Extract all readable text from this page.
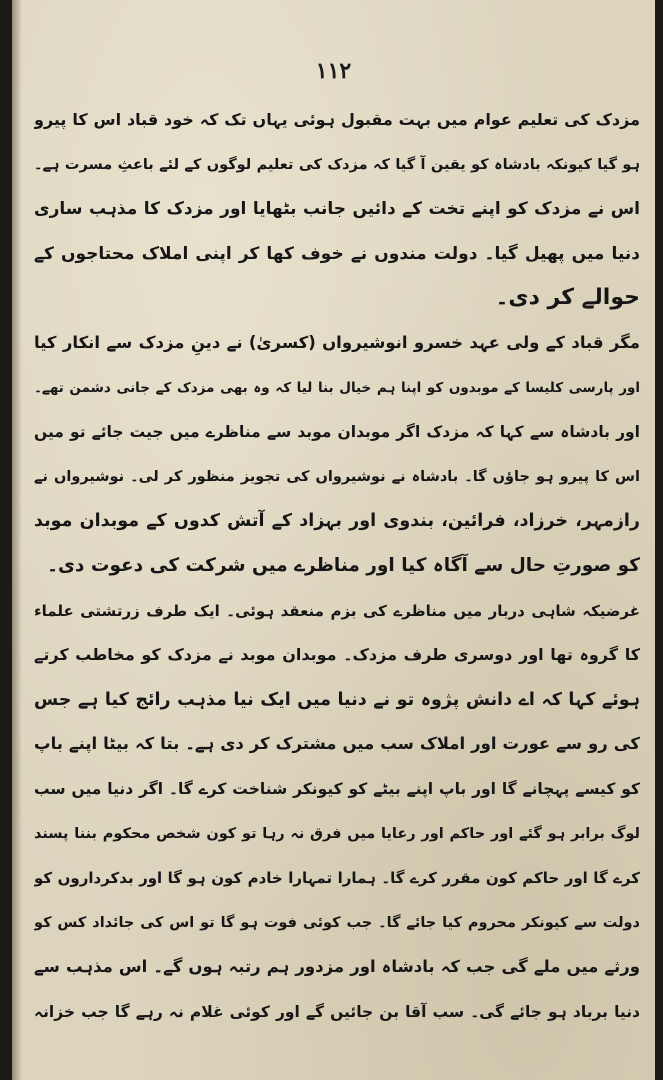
۱۱۲
مزدک کی تعلیم عوام میں بہت مقبول ہوئی یہاں تک کہ خود قباد اس کا پیرو
ہو گیا کیونکہ بادشاہ کو یقین آ گیا کہ مزدک کی تعلیم لوگوں کے لئے باعثِ مسرت ہے۔
اس نے مزدک کو اپنے تخت کے دائیں جانب بٹھایا اور مزدک کا مذہب ساری
دنیا میں پھیل گیا۔ دولت مندوں نے خوف کھا کر اپنی املاک محتاجوں کے
حوالے کر دی۔
مگر قباد کے ولی عہد خسرو انوشیرواں (کسریٰ) نے دینِ مزدک سے انکار کیا
اور پارسی کلیسا کے موبدوں کو اپنا ہم خیال بنا لیا کہ وہ بھی مزدک کے جانی دشمن تھے۔
اور بادشاہ سے کہا کہ مزدک اگر موبدان موبد سے مناظرے میں جیت جائے تو میں
اس کا پیرو ہو جاؤں گا۔ بادشاہ نے نوشیرواں کی تجویز منظور کر لی۔ نوشیرواں نے
رازمہر، خرزاد، فرائین، بندوی اور بہزاد کے آتش کدوں کے موبدان موبد
کو صورتِ حال سے آگاہ کیا اور مناظرے میں شرکت کی دعوت دی۔
غرضیکہ شاہی دربار میں مناظرے کی بزم منعقد ہوئی۔ ایک طرف زرتشتی علماء
کا گروہ تھا اور دوسری طرف مزدک۔ موبدان موبد نے مزدک کو مخاطب کرتے
ہوئے کہا کہ اے دانش پژوہ تو نے دنیا میں ایک نیا مذہب رائج کیا ہے جس
کی رو سے عورت اور املاک سب میں مشترک کر دی ہے۔ بتا کہ بیٹا اپنے باپ
کو کیسے پہچانے گا اور باپ اپنے بیٹے کو کیونکر شناخت کرے گا۔ اگر دنیا میں سب
لوگ برابر ہو گئے اور حاکم اور رعایا میں فرق نہ رہا تو کون شخص محکوم بننا پسند
کرے گا اور حاکم کون مقرر کرے گا۔ ہمارا تمہارا خادم کون ہو گا اور بدکرداروں کو
دولت سے کیونکر محروم کیا جائے گا۔ جب کوئی فوت ہو گا تو اس کی جائداد کس کو
ورثے میں ملے گی جب کہ بادشاہ اور مزدور ہم رتبہ ہوں گے۔ اس مذہب سے
دنیا برباد ہو جائے گی۔ سب آقا بن جائیں گے اور کوئی غلام نہ رہے گا جب خزانہ
